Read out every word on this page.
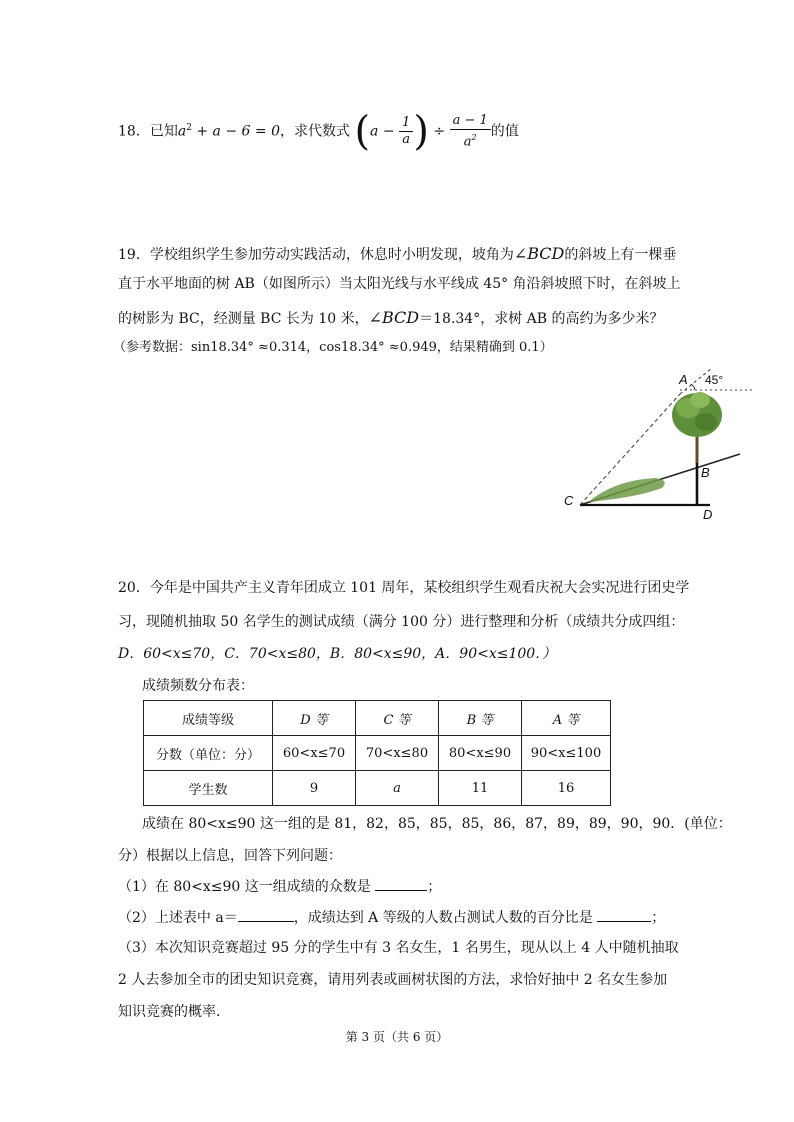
18．已知$a^2 + a - 6 = 0$，求代数式 ($a - \frac{1}{a}$ ) ÷ $\frac{a - 1}{a^2}$ 的值
19．学校组织学生参加劳动实践活动，休息时小明发现，坡角为∠BCD的斜坡上有一棵垂
直于水平地面的树 AB（如图所示）当太阳光线与水平线成 45° 角沿斜坡照下时，在斜坡上
的树影为 BC，经测量 BC 长为 10 米，∠BCD＝18.34°，求树 AB 的高约为多少米？
（参考数据：sin18.34° ≈0.314，cos18.34° ≈0.949，结果精确到 0.1）
A 45°
B
C
D
20．今年是中国共产主义青年团成立 101 周年，某校组织学生观看庆祝大会实况进行团史学
习，现随机抽取 50 名学生的测试成绩（满分 100 分）进行整理和分析（成绩共分成四组：
D．60<x≤70，C．70<x≤80，B．80<x≤90，A．90<x≤100．）
成绩频数分布表：
成绩等级	D 等	C 等	B 等	A 等
分数（单位：分）	60<x≤70	70<x≤80	80<x≤90	90<x≤100
学生数	9	a	11	16
成绩在 80<x≤90 这一组的是 81，82，85，85，85，86，87，89，89，90，90．(单位：
分）根据以上信息，回答下列问题：
（1）在 80<x≤90 这一组成绩的众数是	；
（2）上述表中 a＝	，成绩达到 A 等级的人数占测试人数的百分比是	；
（3）本次知识竞赛超过 95 分的学生中有 3 名女生，1 名男生，现从以上 4 人中随机抽取
2 人去参加全市的团史知识竞赛，请用列表或画树状图的方法，求恰好抽中 2 名女生参加
知识竞赛的概率．
第 3 页（共 6 页）
